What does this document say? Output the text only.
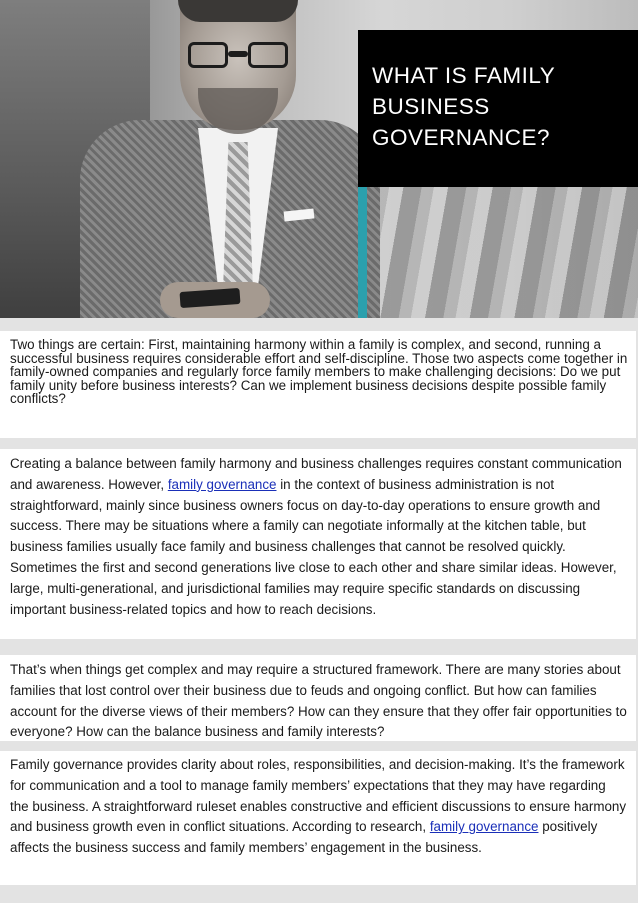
WHAT IS FAMILY
BUSINESS
GOVERNANCE?

Two things are certain: First, maintaining harmony within a family is complex, and second, running a successful business requires considerable effort and self-discipline. Those two aspects come together in family-owned companies and regularly force family members to make challenging decisions: Do we put family unity before business interests? Can we implement business decisions despite possible family conflicts?

Creating a balance between family harmony and business challenges requires constant communication and awareness. However, family governance in the context of business administration is not straightforward, mainly since business owners focus on day-to-day operations to ensure growth and success. There may be situations where a family can negotiate informally at the kitchen table, but business families usually face family and business challenges that cannot be resolved quickly.

Sometimes the first and second generations live close to each other and share similar ideas. However, large, multi-generational, and jurisdictional families may require specific standards on discussing important business-related topics and how to reach decisions.

That’s when things get complex and may require a structured framework. There are many stories about families that lost control over their business due to feuds and ongoing conflict. But how can families account for the diverse views of their members? How can they ensure that they offer fair opportunities to everyone? How can the balance business and family interests?

Family governance provides clarity about roles, responsibilities, and decision-making. It’s the framework for communication and a tool to manage family members’ expectations that they may have regarding the business. A straightforward ruleset enables constructive and efficient discussions to ensure harmony and business growth even in conflict situations. According to research, family governance positively affects the business success and family members’ engagement in the business.
